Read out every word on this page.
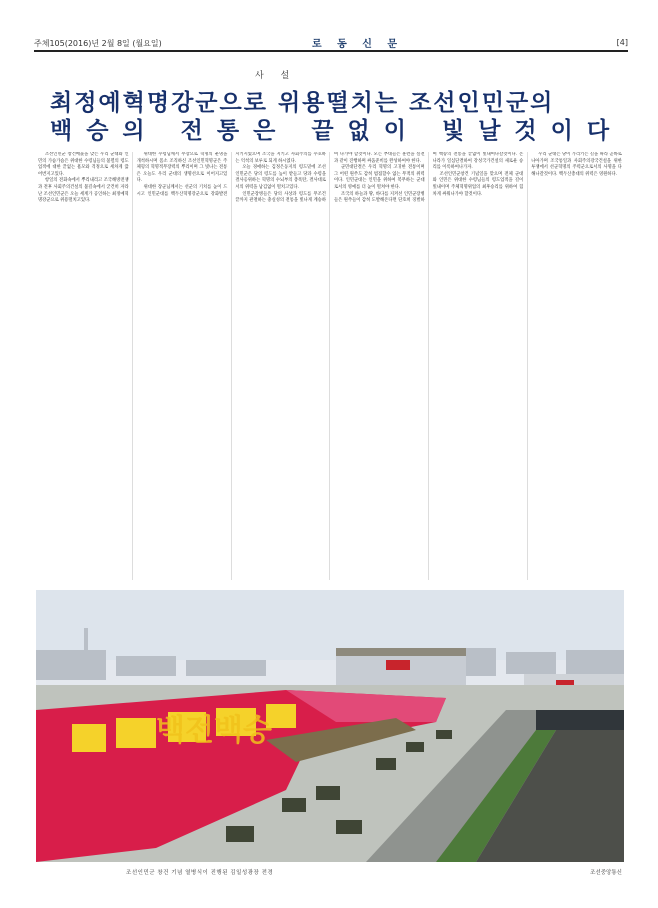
주체105(2016)년 2월 8일 (월요일)	로 동 신 문	[4]
사 설
최정예혁명강군으로 위용떨치는 조선인민군의
백승의 전통은 끝없이 빛날것이다

조선인민군 창건배돐을 맞는 우리 군대와 인민의 가슴가슴은 위대한 수령님들의 불멸의 령도업적에 대한 끝없는 흠모와 격정으로 세차게 끓어번지고있다.

항일의 전화속에서 뿌리내리고 조국해방전쟁과 전후 사회주의건설의 불길속에서 굳건히 자라난 조선인민군은 오늘 세계가 공인하는 최정예혁명강군으로 위용떨치고있다.

위대한 수령님께서 무장으로 혁명의 운명을 개척하시며 몸소 조직하신 조선인민혁명군은 주체형의 혁명적무장력의 뿌리이며 그 빛나는 전통은 오늘도 우리 군대의 생명선으로 이어지고있다.

위대한 장군님께서는 선군의 기치를 높이 드시고 인민군대를 백두산혁명강군으로 강화발전시키시였으며 조국을 지키고 사회주의를 수호하는 억척의 보루로 되게 하시였다.

오늘 경애하는 김정은동지의 령도밑에 조선인민군은 당의 령도를 높이 받들고 당과 수령을 결사옹위하는 혁명의 수뇌부의 총폭탄, 결사대로서의 위력을 남김없이 떨치고있다.

인민군장병들은 당의 사상과 령도를 무조건 끝까지 관철하는 충실성의 전통을 빛나게 계승하여 나가야 할것이다. 모든 부대들은 훈련을 실전과 같이 진행하며 싸움준비를 완성하여야 한다.

군민대단결은 우리 혁명의 고귀한 전통이며 그 어떤 원쑤도 감히 범접할수 없는 무적의 위력이다. 인민군대는 인민을 위하여 복무하는 군대로서의 영예를 더 높이 떨쳐야 한다.

조국의 하늘과 땅, 바다를 지켜선 인민군장병들은 원쑤들이 감히 도발해온다면 단호히 징벌하여 백승의 전통을 끝없이 빛내여나갈것이다. 온 나라가 일심단결하여 강성국가건설의 새로운 승리를 이룩하여나가자.

조선인민군창건 기념일을 맞으며 전체 군대와 인민은 위대한 수령님들의 령도업적을 길이 빛내이며 주체혁명위업의 최후승리를 위하여 힘차게 싸워나가야 할것이다.

우리 군대는 당이 가리키는 길을 따라 곧바로 나아가며 조국통일과 사회주의강국건설을 위한 투쟁에서 선군혁명의 주력군으로서의 사명을 다해나갈것이다. 백두산총대의 위력은 영원하다.

백전백승
조선인민군 창건 기념 열병식이 진행된 김일성광장 전경	조선중앙통신
